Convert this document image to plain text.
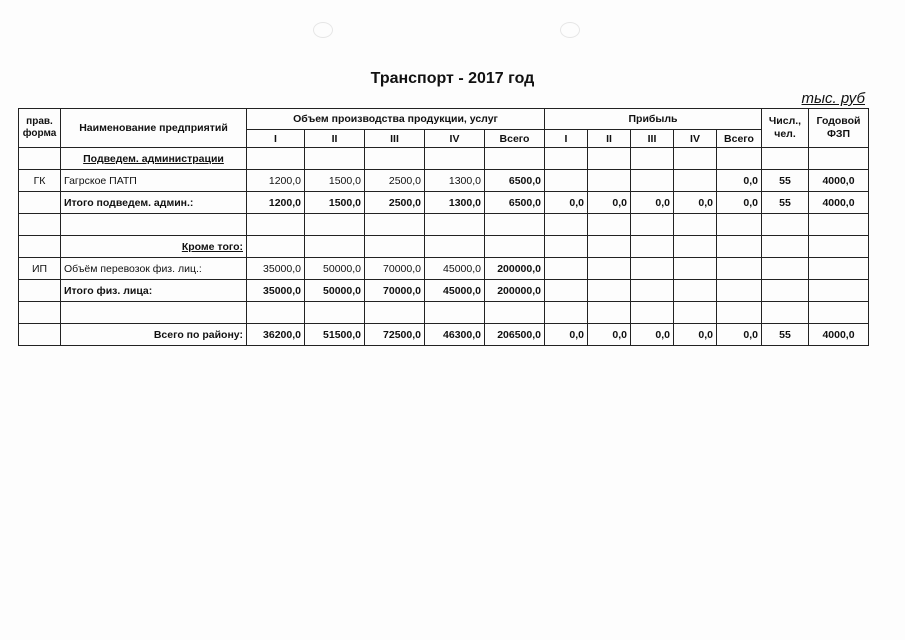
Транспорт - 2017 год
тыс. руб
прав. форма	Наименование предприятий	Объем производства продукции, услуг					Прибыль					Числ., чел.	Годовой ФЗП
		I	II	III	IV	Всего	I	II	III	IV	Всего		
	Подведем. администрации												
ГК	Гагрское ПАТП	1200,0	1500,0	2500,0	1300,0	6500,0					0,0	55	4000,0
	Итого подведем. админ.:	1200,0	1500,0	2500,0	1300,0	6500,0	0,0	0,0	0,0	0,0	0,0	55	4000,0

	Кроме того:												
ИП	Объём перевозок физ. лиц.:	35000,0	50000,0	70000,0	45000,0	200000,0							
	Итого физ. лица:	35000,0	50000,0	70000,0	45000,0	200000,0							

	Всего по району:	36200,0	51500,0	72500,0	46300,0	206500,0	0,0	0,0	0,0	0,0	0,0	55	4000,0
